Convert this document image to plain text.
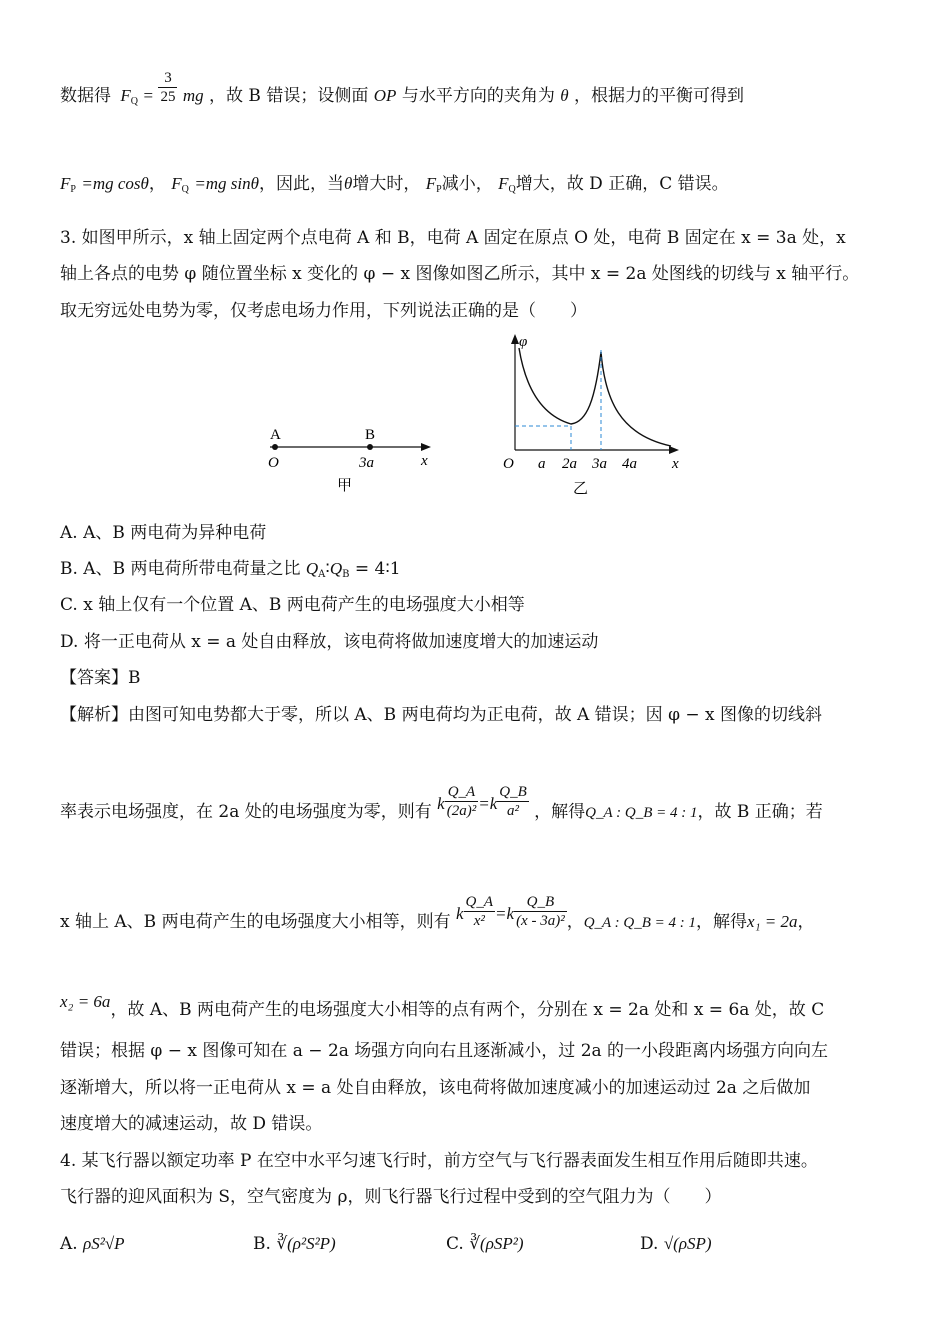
数据得 $F_Q = \frac{3}{25}$ mg ，故 B 错误；设侧面 OP 与水平方向的夹角为 θ ，根据力的平衡可得到
$F_P =mg$ cosθ， $F_Q =mg$ sinθ，因此，当θ增大时， $F_P$减小， $F_Q$增大，故 D 正确，C 错误。
3. 如图甲所示，x 轴上固定两个点电荷 A 和 B，电荷 A 固定在原点 O 处，电荷 B 固定在 x = 3a 处，x
轴上各点的电势 φ 随位置坐标 x 变化的 φ − x 图像如图乙所示，其中 x = 2a 处图线的切线与 x 轴平行。
取无穷远处电势为零，仅考虑电场力作用，下列说法正确的是（　　）
A	B
O	3a	x
甲
φ
O a 2a 3a 4a x
乙
A. A、B 两电荷为异种电荷
B. A、B 两电荷所带电荷量之比 $Q_A∶Q_B$ = 4∶1
C. x 轴上仅有一个位置 A、B 两电荷产生的电场强度大小相等
D. 将一正电荷从 x = a 处自由释放，该电荷将做加速度增大的加速运动
【答案】B
【解析】由图可知电势都大于零，所以 A、B 两电荷均为正电荷，故 A 错误；因 φ − x 图像的切线斜
率表示电场强度，在 2a 处的电场强度为零，则有 k $\frac{Q\_A}{\text{(2a)²}} =k \frac{Q\_B}{\text{a²}}$ ，解得Q_A : Q_B = 4 : 1，故 B 正确；若
x 轴上 A、B 两电荷产生的电场强度大小相等，则有 k $\frac{Q\_A}{\text{x²}} =k \frac{Q\_B}{\text{(x - 3a)²}}$ ，Q_A : Q_B = 4 : 1，解得x₁ = 2a，
x₂ = 6a，故 A、B 两电荷产生的电场强度大小相等的点有两个，分别在 x = 2a 处和 x = 6a 处，故 C
错误；根据 φ − x 图像可知在 a − 2a 场强方向向右且逐渐减小，过 2a 的一小段距离内场强方向向左
逐渐增大，所以将一正电荷从 x = a 处自由释放，该电荷将做加速度减小的加速运动过 2a 之后做加
速度增大的减速运动，故 D 错误。
4. 某飞行器以额定功率 P 在空中水平匀速飞行时，前方空气与飞行器表面发生相互作用后随即共速。
飞行器的迎风面积为 S，空气密度为 ρ，则飞行器飞行过程中受到的空气阻力为（　　）
A. ρS²√P	B. ∛(ρ²S²P)	C. ∛(ρSP²)	D. √(ρSP)
